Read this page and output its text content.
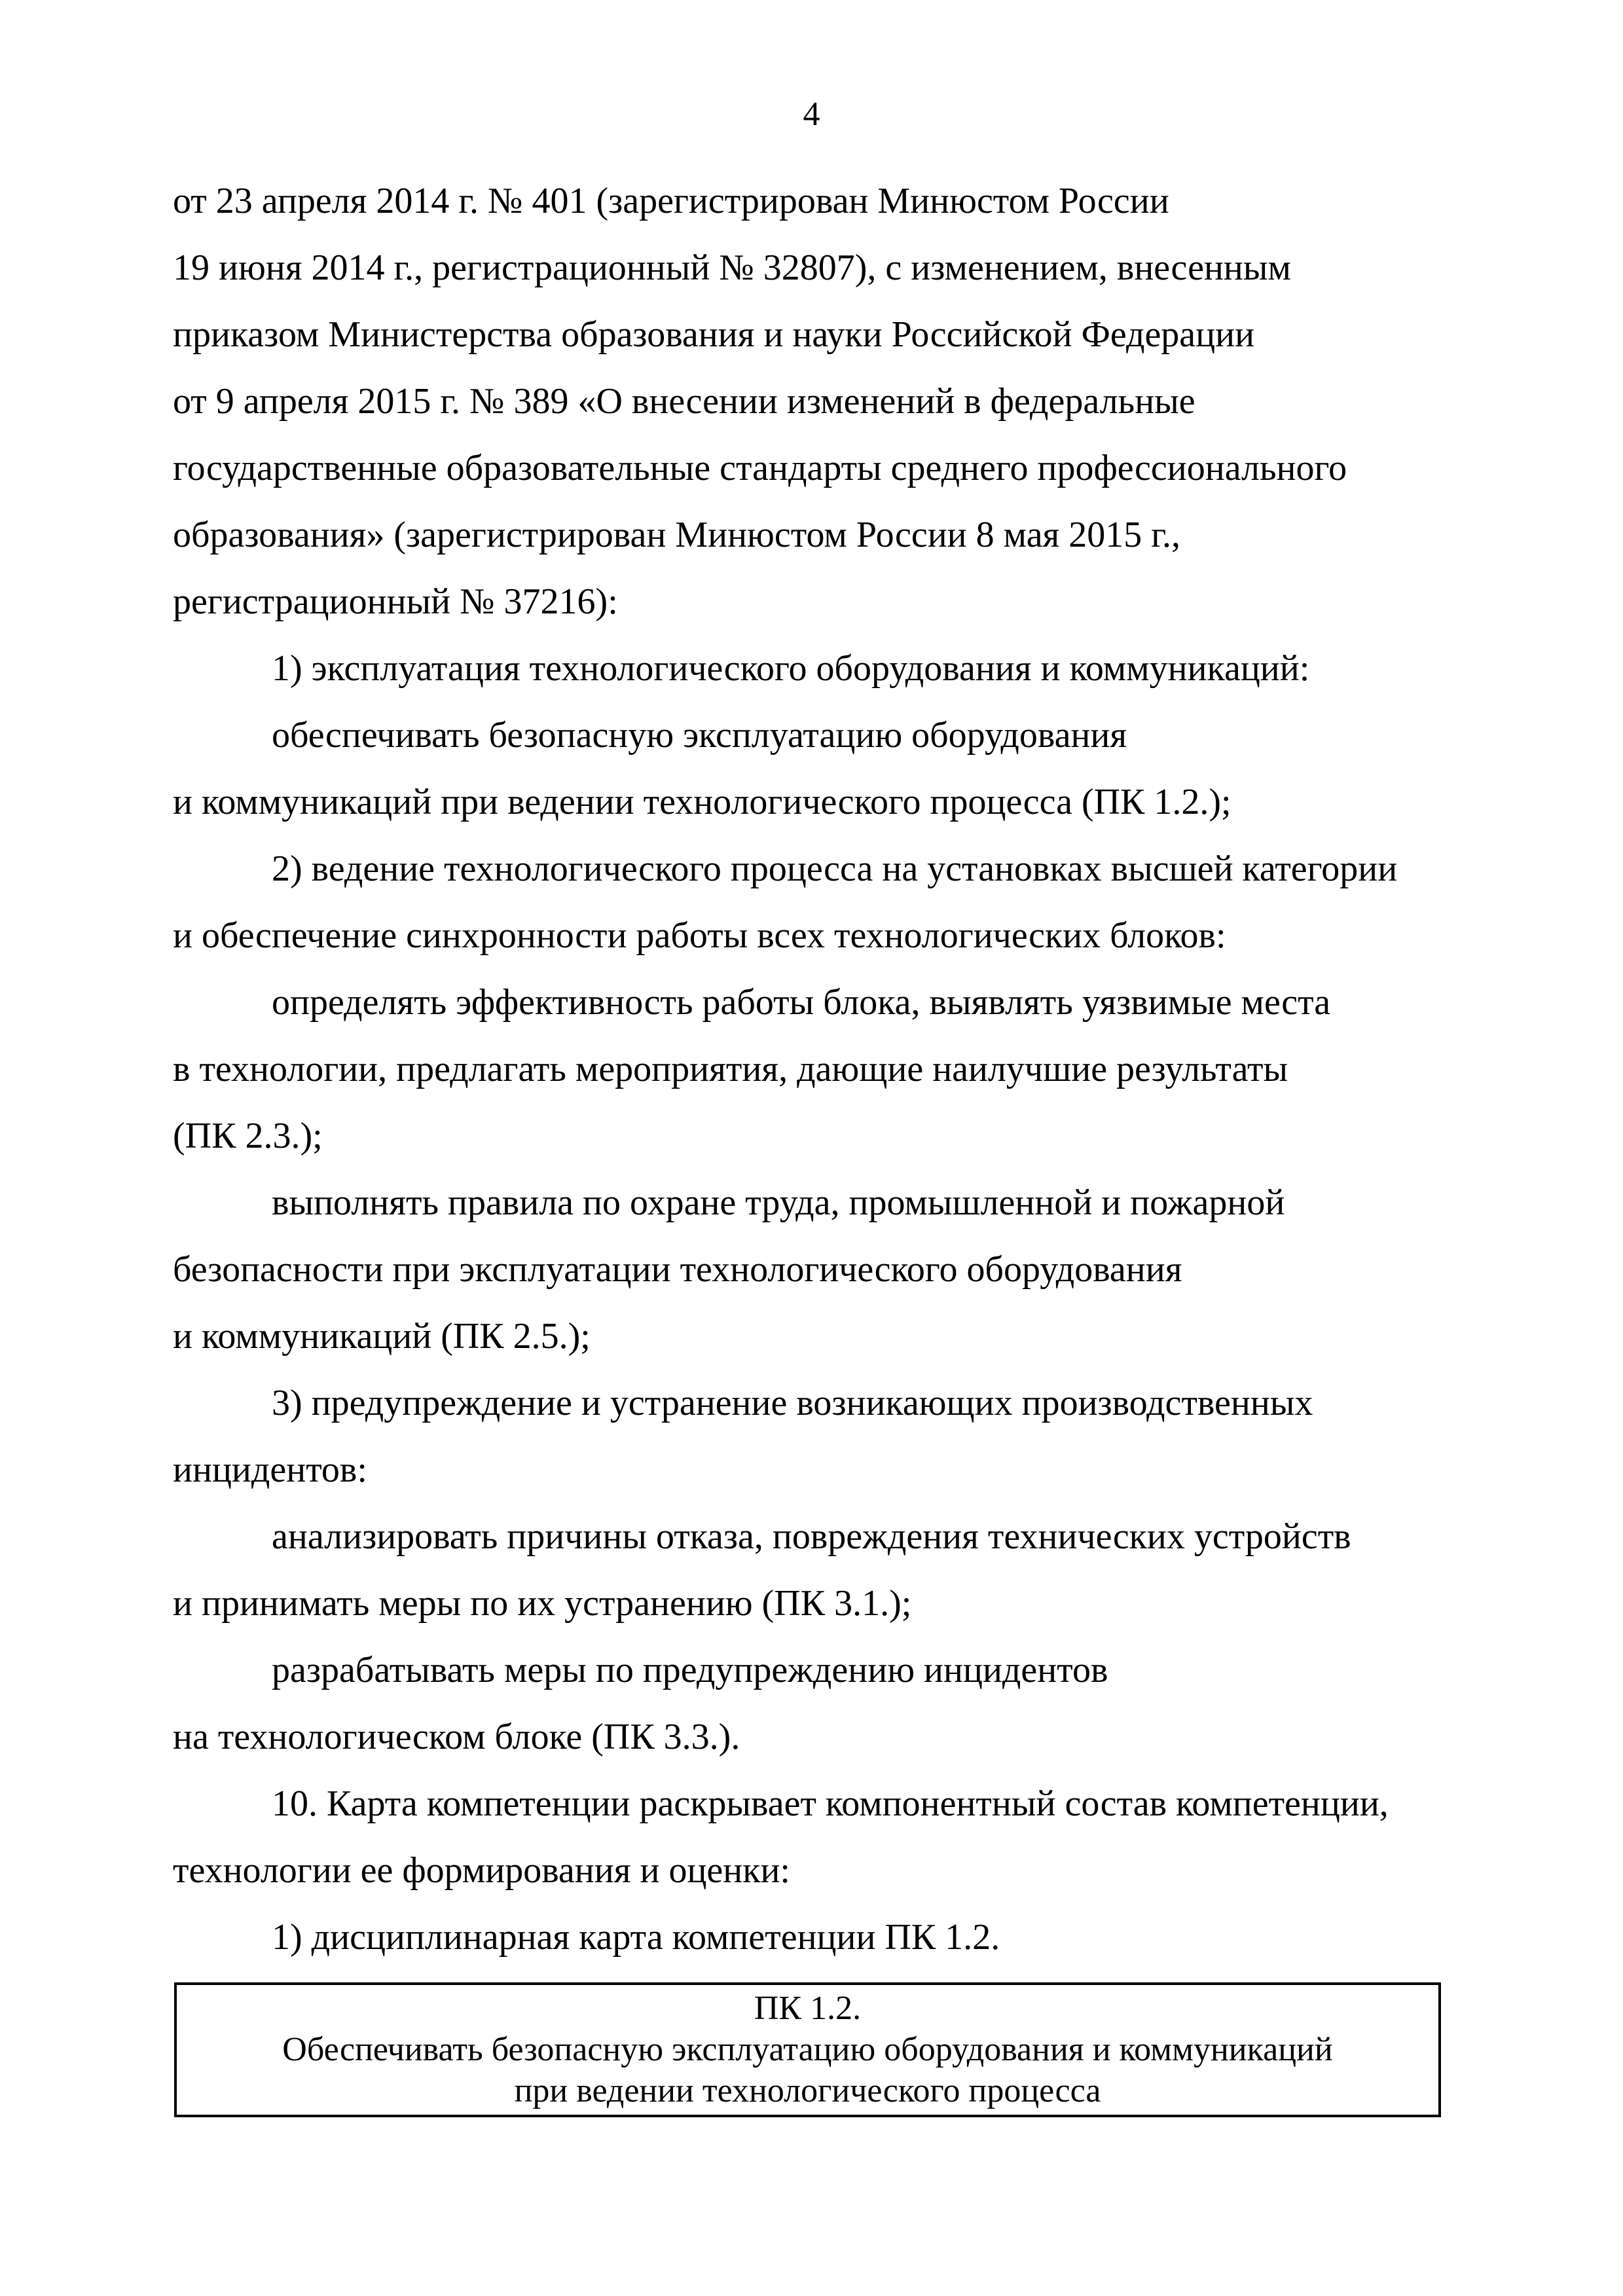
4

от 23 апреля 2014 г. № 401 (зарегистрирован Минюстом России
19 июня 2014 г., регистрационный № 32807), с изменением, внесенным
приказом Министерства образования и науки Российской Федерации
от 9 апреля 2015 г. № 389 «О внесении изменений в федеральные
государственные образовательные стандарты среднего профессионального
образования» (зарегистрирован Минюстом России 8 мая 2015 г.,
регистрационный № 37216):

1) эксплуатация технологического оборудования и коммуникаций:

обеспечивать безопасную эксплуатацию оборудования
и коммуникаций при ведении технологического процесса (ПК 1.2.);

2) ведение технологического процесса на установках высшей категории
и обеспечение синхронности работы всех технологических блоков:

определять эффективность работы блока, выявлять уязвимые места
в технологии, предлагать мероприятия, дающие наилучшие результаты
(ПК 2.3.);

выполнять правила по охране труда, промышленной и пожарной
безопасности при эксплуатации технологического оборудования
и коммуникаций (ПК 2.5.);

3) предупреждение и устранение возникающих производственных
инцидентов:

анализировать причины отказа, повреждения технических устройств
и принимать меры по их устранению (ПК 3.1.);

разрабатывать меры по предупреждению инцидентов
на технологическом блоке (ПК 3.3.).

10. Карта компетенции раскрывает компонентный состав компетенции,
технологии ее формирования и оценки:

1) дисциплинарная карта компетенции ПК 1.2.

ПК 1.2.
Обеспечивать безопасную эксплуатацию оборудования и коммуникаций
при ведении технологического процесса
